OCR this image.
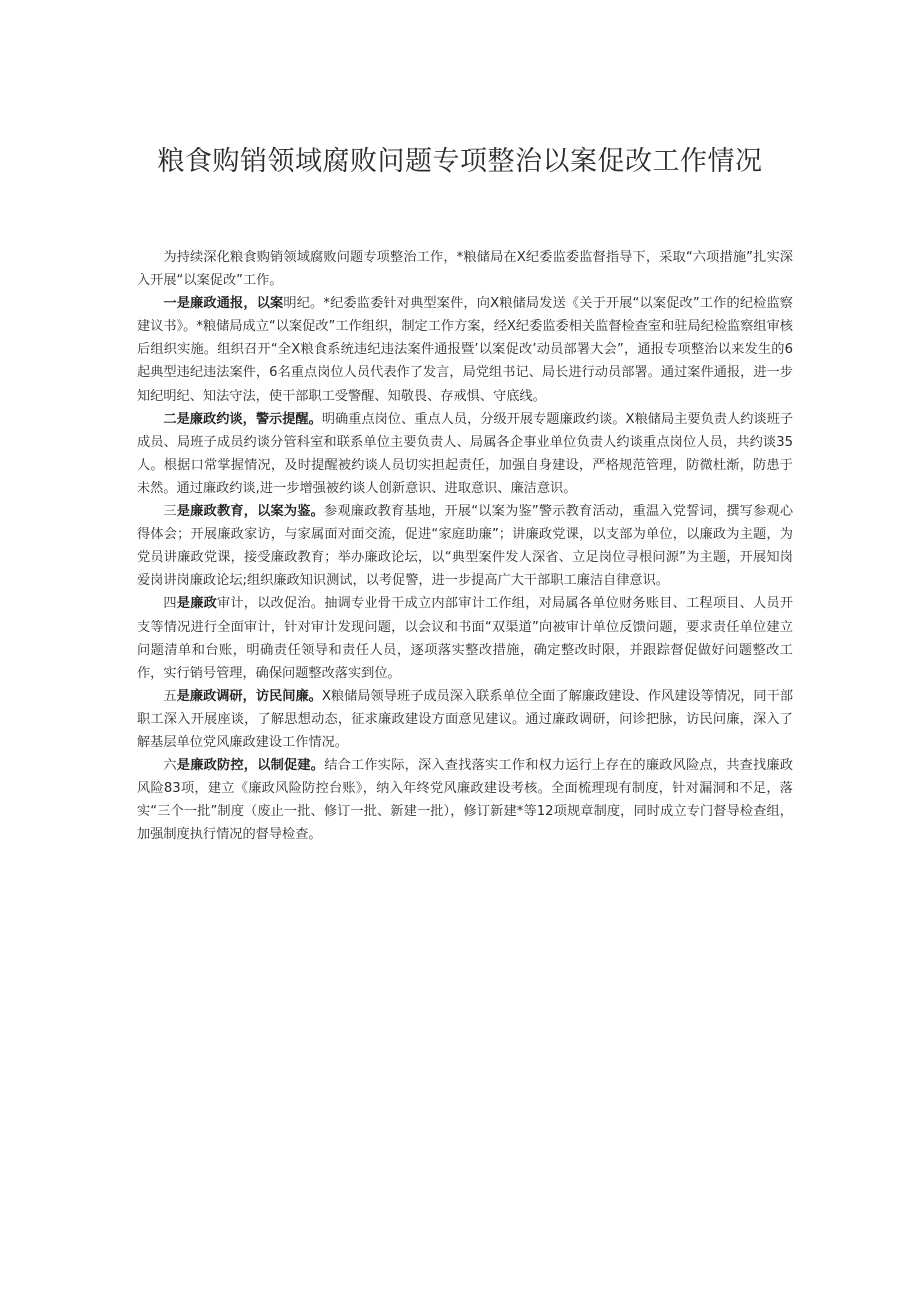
粮食购销领域腐败问题专项整治以案促改工作情况

为持续深化粮食购销领域腐败问题专项整治工作，*粮储局在X纪委监委监督指导下，采取“六项措施”扎实深入开展“以案促改”工作。

一是廉政通报，以案明纪。*纪委监委针对典型案件，向X粮储局发送《关于开展“以案促改”工作的纪检监察建议书》。*粮储局成立“以案促改”工作组织，制定工作方案，经X纪委监委相关监督检查室和驻局纪检监察组审核后组织实施。组织召开“全X粮食系统违纪违法案件通报暨’以案促改’动员部署大会”，通报专项整治以来发生的6起典型违纪违法案件，6名重点岗位人员代表作了发言，局党组书记、局长进行动员部署。通过案件通报，进一步知纪明纪、知法守法，使干部职工受警醒、知敬畏、存戒惧、守底线。

二是廉政约谈，警示提醒。明确重点岗位、重点人员，分级开展专题廉政约谈。X粮储局主要负责人约谈班子成员、局班子成员约谈分管科室和联系单位主要负责人、局属各企事业单位负责人约谈重点岗位人员，共约谈35人。根据口常掌握情况，及时提醒被约谈人员切实担起责任，加强自身建设，严格规范管理，防微杜渐，防患于未然。通过廉政约谈,进一步增强被约谈人创新意识、进取意识、廉洁意识。

三是廉政教育，以案为鉴。参观廉政教育基地，开展“以案为鉴”警示教育活动，重温入党誓词，撰写参观心得体会；开展廉政家访，与家属面对面交流，促进“家庭助廉”；讲廉政党课，以支部为单位，以廉政为主题，为党员讲廉政党课，接受廉政教育；举办廉政论坛，以“典型案件发人深省、立足岗位寻根问源”为主题，开展知岗爱岗讲岗廉政论坛;组织廉政知识测试，以考促警，进一步提高广大干部职工廉洁自律意识。

四是廉政审计，以改促治。抽调专业骨干成立内部审计工作组，对局属各单位财务账目、工程项目、人员开支等情况进行全面审计，针对审计发现问题，以会议和书面“双渠道”向被审计单位反馈问题，要求责任单位建立问题清单和台账，明确责任领导和责任人员，逐项落实整改措施，确定整改时限，并跟踪督促做好问题整改工作，实行销号管理，确保问题整改落实到位。

五是廉政调研，访民间廉。X粮储局领导班子成员深入联系单位全面了解廉政建设、作风建设等情况，同干部职工深入开展座谈，了解思想动态，征求廉政建设方面意见建议。通过廉政调研，问诊把脉，访民问廉，深入了解基层单位党风廉政建设工作情况。

六是廉政防控，以制促建。结合工作实际，深入查找落实工作和权力运行上存在的廉政风险点，共查找廉政风险83项，建立《廉政风险防控台账》，纳入年终党风廉政建设考核。全面梳理现有制度，针对漏洞和不足，落实“三个一批”制度（废止一批、修订一批、新建一批），修订新建*等12项规章制度，同时成立专门督导检查组，加强制度执行情况的督导检查。
